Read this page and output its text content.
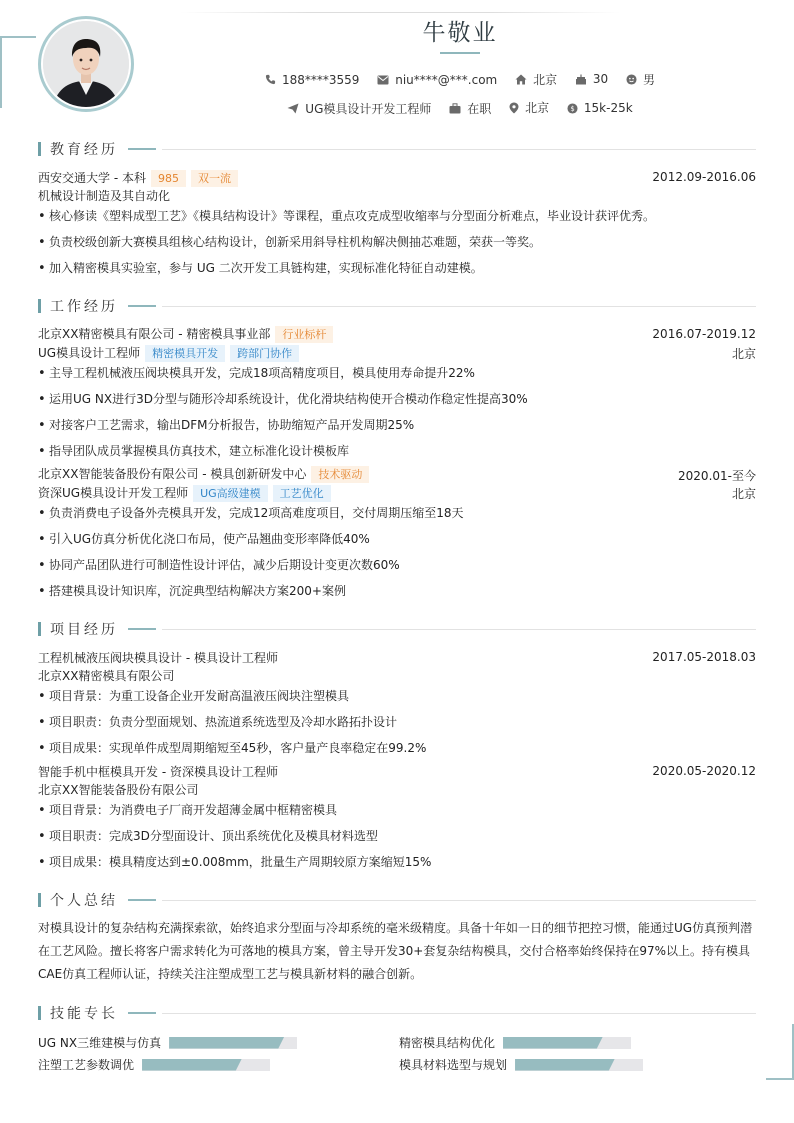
牛敬业
188****3559
	niu****@***.com
	北京
	30
	男
UG模具设计开发工程师
	在职
	北京
	$ 15k-25k
教育经历
西安交通大学 - 本科 985 双一流	2012.09-2016.06
机械设计制造及其自动化
• 核心修读《塑料成型工艺》《模具结构设计》等课程，重点攻克成型收缩率与分型面分析难点，毕业设计获评优秀。
• 负责校级创新大赛模具组核心结构设计，创新采用斜导柱机构解决侧抽芯难题，荣获一等奖。
• 加入精密模具实验室，参与 UG 二次开发工具链构建，实现标准化特征自动建模。
工作经历
北京XX精密模具有限公司 - 精密模具事业部 行业标杆	2016.07-2019.12
UG模具设计工程师 精密模具开发 跨部门协作	北京
• 主导工程机械液压阀块模具开发，完成18项高精度项目，模具使用寿命提升22%
• 运用UG NX进行3D分型与随形冷却系统设计，优化滑块结构使开合模动作稳定性提高30%
• 对接客户工艺需求，输出DFM分析报告，协助缩短产品开发周期25%
• 指导团队成员掌握模具仿真技术，建立标准化设计模板库
北京XX智能装备股份有限公司 - 模具创新研发中心 技术驱动	2020.01-至今
资深UG模具设计开发工程师 UG高级建模 工艺优化	北京
• 负责消费电子设备外壳模具开发，完成12项高难度项目，交付周期压缩至18天
• 引入UG仿真分析优化浇口布局，使产品翘曲变形率降低40%
• 协同产品团队进行可制造性设计评估，减少后期设计变更次数60%
• 搭建模具设计知识库，沉淀典型结构解决方案200+案例
项目经历
工程机械液压阀块模具设计 - 模具设计工程师	2017.05-2018.03
北京XX精密模具有限公司
• 项目背景：为重工设备企业开发耐高温液压阀块注塑模具
• 项目职责：负责分型面规划、热流道系统选型及冷却水路拓扑设计
• 项目成果：实现单件成型周期缩短至45秒，客户量产良率稳定在99.2%
智能手机中框模具开发 - 资深模具设计工程师	2020.05-2020.12
北京XX智能装备股份有限公司
• 项目背景：为消费电子厂商开发超薄金属中框精密模具
• 项目职责：完成3D分型面设计、顶出系统优化及模具材料选型
• 项目成果：模具精度达到±0.008mm，批量生产周期较原方案缩短15%
个人总结
对模具设计的复杂结构充满探索欲，始终追求分型面与冷却系统的毫米级精度。具备十年如一日的细节把控习惯，能通过UG仿真预判潜在工艺风险。擅长将客户需求转化为可落地的模具方案，曾主导开发30+套复杂结构模具，交付合格率始终保持在97%以上。持有模具CAE仿真工程师认证，持续关注注塑成型工艺与模具新材料的融合创新。
技能专长
UG NX三维建模与仿真	精密模具结构优化
注塑工艺参数调优	模具材料选型与规划
